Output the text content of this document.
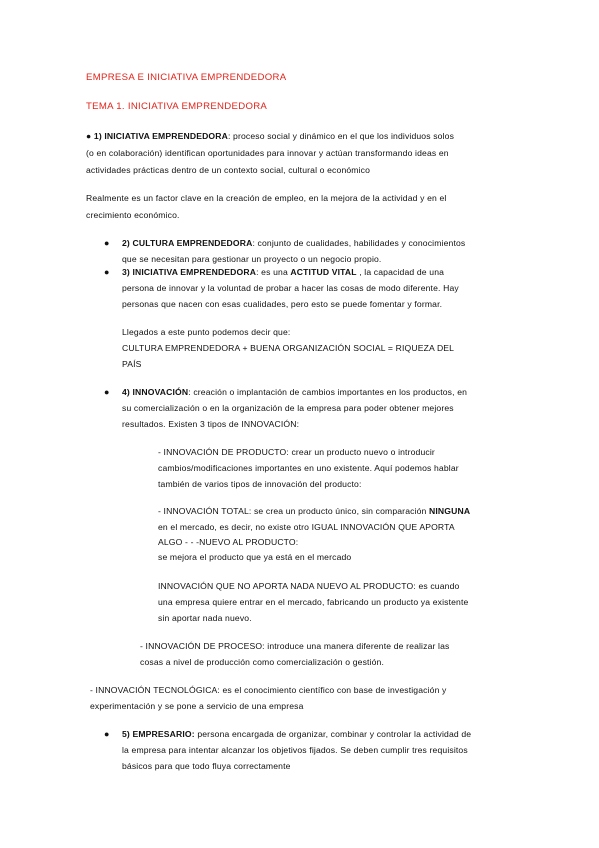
EMPRESA E INICIATIVA EMPRENDEDORA
TEMA 1. INICIATIVA EMPRENDEDORA
● 1) INICIATIVA EMPRENDEDORA: proceso social y dinámico en el que los individuos solos
(o en colaboración) identifican oportunidades para innovar y actúan transformando ideas en
actividades prácticas dentro de un contexto social, cultural o económico
Realmente es un factor clave en la creación de empleo, en la mejora de la actividad y en el
crecimiento económico.
● 2) CULTURA EMPRENDEDORA: conjunto de cualidades, habilidades y conocimientos
que se necesitan para gestionar un proyecto o un negocio propio.
● 3) INICIATIVA EMPRENDEDORA: es una ACTITUD VITAL , la capacidad de una
persona de innovar y la voluntad de probar a hacer las cosas de modo diferente. Hay
personas que nacen con esas cualidades, pero esto se puede fomentar y formar.
Llegados a este punto podemos decir que:
CULTURA EMPRENDEDORA + BUENA ORGANIZACIÓN SOCIAL = RIQUEZA DEL
PAÍS
● 4) INNOVACIÓN: creación o implantación de cambios importantes en los productos, en
su comercialización o en la organización de la empresa para poder obtener mejores
resultados. Existen 3 tipos de INNOVACIÓN:
- INNOVACIÓN DE PRODUCTO: crear un producto nuevo o introducir
cambios/modificaciones importantes en uno existente. Aquí podemos hablar
también de varios tipos de innovación del producto:
- INNOVACIÓN TOTAL: se crea un producto único, sin comparación NINGUNA
en el mercado, es decir, no existe otro IGUAL INNOVACIÓN QUE APORTA
ALGO - - -NUEVO AL PRODUCTO:
se mejora el producto que ya está en el mercado
INNOVACIÓN QUE NO APORTA NADA NUEVO AL PRODUCTO: es cuando
una empresa quiere entrar en el mercado, fabricando un producto ya existente
sin aportar nada nuevo.
- INNOVACIÓN DE PROCESO: introduce una manera diferente de realizar las
cosas a nivel de producción como comercialización o gestión.
- INNOVACIÓN TECNOLÓGICA: es el conocimiento científico con base de investigación y
experimentación y se pone a servicio de una empresa
● 5) EMPRESARIO: persona encargada de organizar, combinar y controlar la actividad de
la empresa para intentar alcanzar los objetivos fijados. Se deben cumplir tres requisitos
básicos para que todo fluya correctamente
